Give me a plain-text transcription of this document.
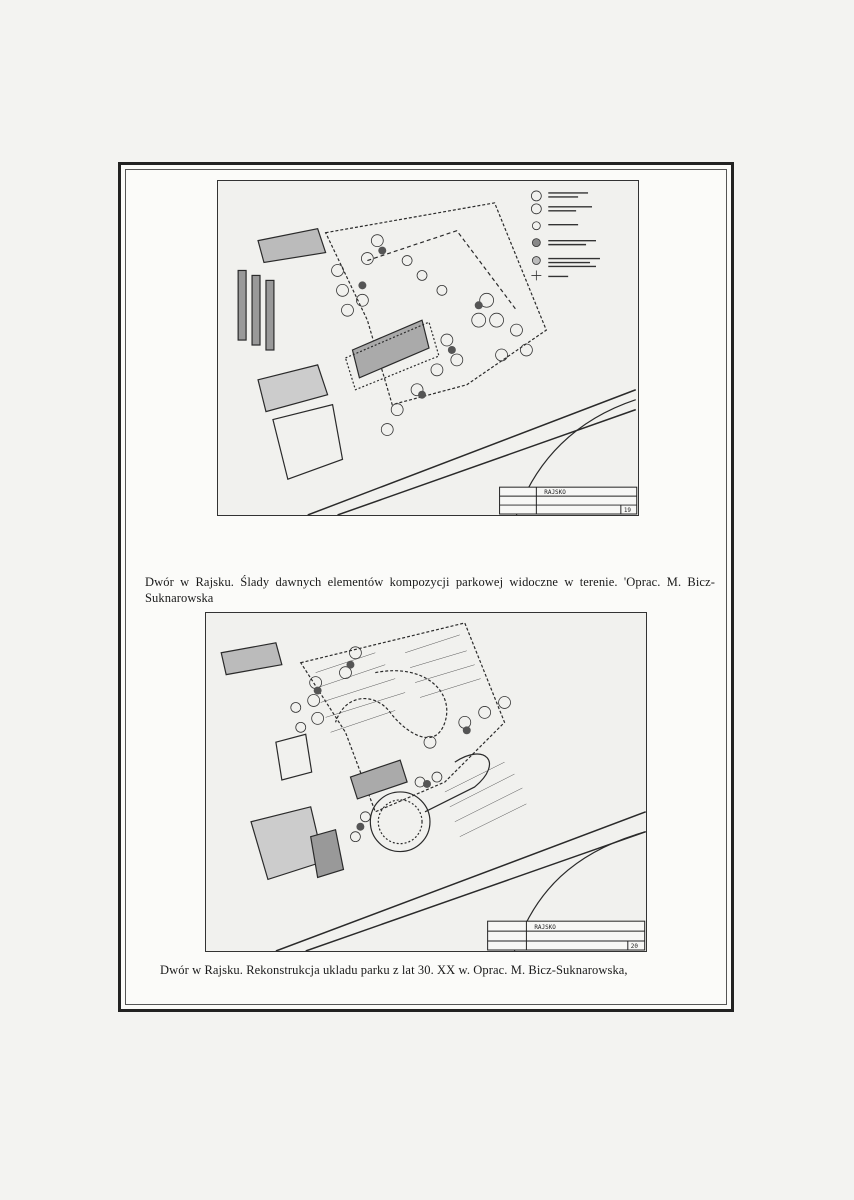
RAJSKO
19
Dwór w Rajsku. Ślady dawnych elementów kompozycji parkowej widoczne w terenie. 'Oprac. M. Bicz-Suknarowska
RAJSKO
20
Dwór w Rajsku. Rekonstrukcja ukladu parku z lat 30. XX w. Oprac. M. Bicz-Suknarowska,
